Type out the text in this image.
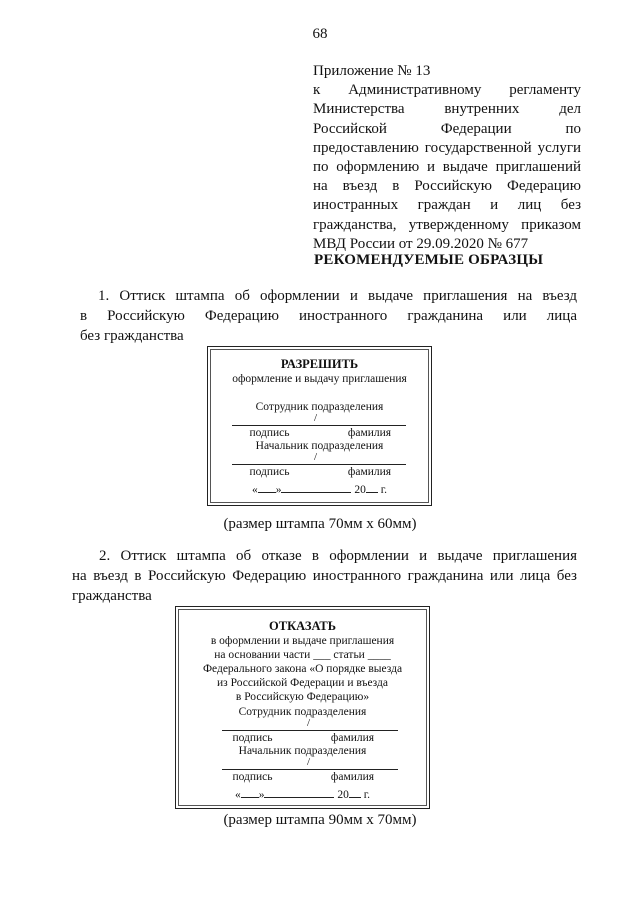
68
Приложение № 13
к Административному регламенту
Министерства внутренних дел
Российской Федерации по
предоставлению государственной услуги
по оформлению и выдаче приглашений
на въезд в Российскую Федерацию
иностранных граждан и лиц без
гражданства, утвержденному приказом
МВД России от 29.09.2020 № 677
РЕКОМЕНДУЕМЫЕ ОБРАЗЦЫ
1. Оттиск штампа об оформлении и выдаче приглашения на въезд
в Российскую Федерацию иностранного гражданина или лица
без гражданства
РАЗРЕШИТЬ
оформление и выдачу приглашения
Сотрудник подразделения
/
подпись	фамилия
Начальник подразделения
/
подпись	фамилия
« »	20 г.
(размер штампа 70мм х 60мм)
2. Оттиск штампа об отказе в оформлении и выдаче приглашения
на въезд в Российскую Федерацию иностранного гражданина или лица без
гражданства
ОТКАЗАТЬ
в оформлении и выдаче приглашения
на основании части ___ статьи ____
Федерального закона «О порядке выезда
из Российской Федерации и въезда
в Российскую Федерацию»
Сотрудник подразделения
/
подпись	фамилия
Начальник подразделения
/
подпись	фамилия
« »	20 г.
(размер штампа 90мм х 70мм)
